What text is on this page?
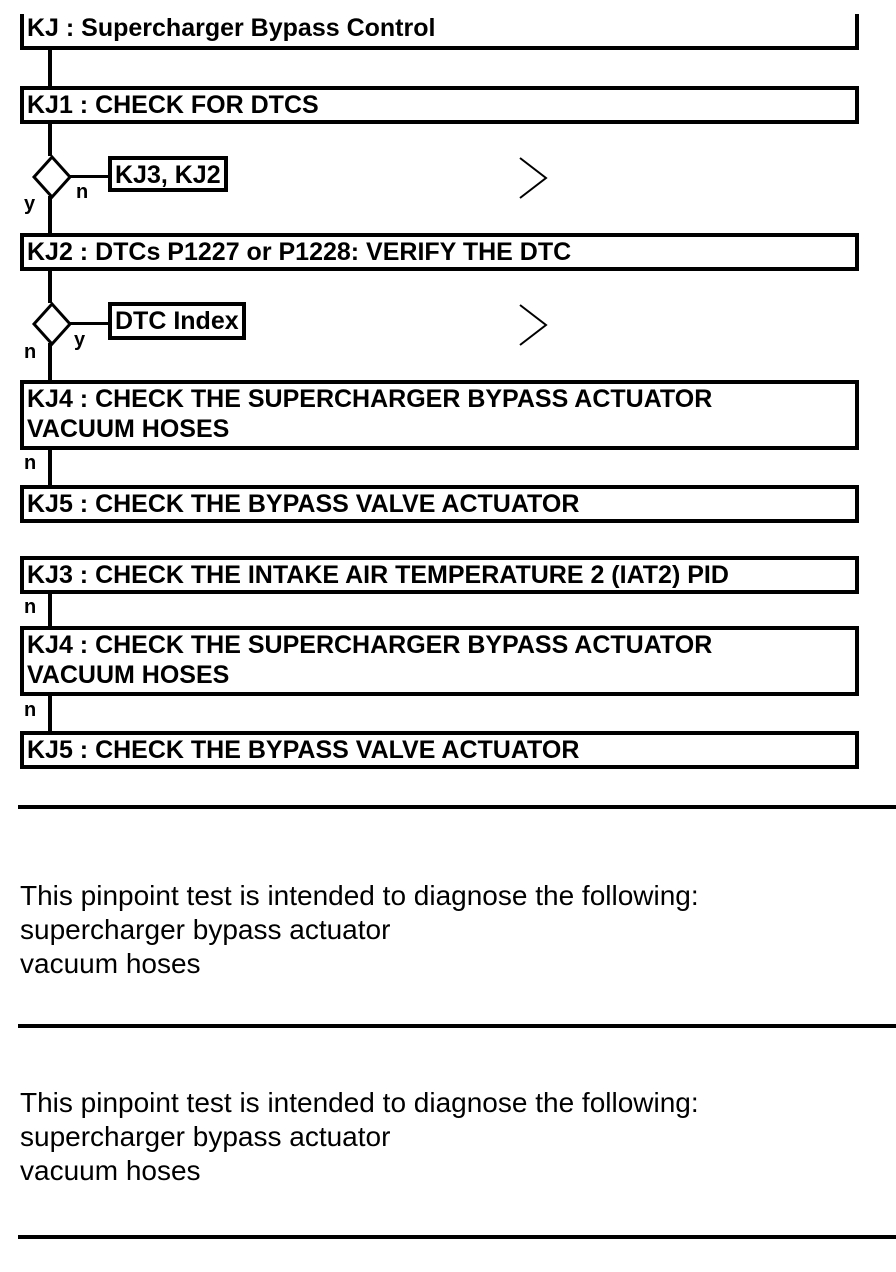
KJ : Supercharger Bypass Control
KJ1 : CHECK FOR DTCS
KJ3, KJ2
n
y
KJ2 : DTCs P1227 or P1228: VERIFY THE DTC
DTC Index
y
n
KJ4 : CHECK THE SUPERCHARGER BYPASS ACTUATOR
VACUUM HOSES
n
KJ5 : CHECK THE BYPASS VALVE ACTUATOR
KJ3 : CHECK THE INTAKE AIR TEMPERATURE 2 (IAT2) PID
n
KJ4 : CHECK THE SUPERCHARGER BYPASS ACTUATOR
VACUUM HOSES
n
KJ5 : CHECK THE BYPASS VALVE ACTUATOR
This pinpoint test is intended to diagnose the following:
supercharger bypass actuator
vacuum hoses
This pinpoint test is intended to diagnose the following:
supercharger bypass actuator
vacuum hoses
